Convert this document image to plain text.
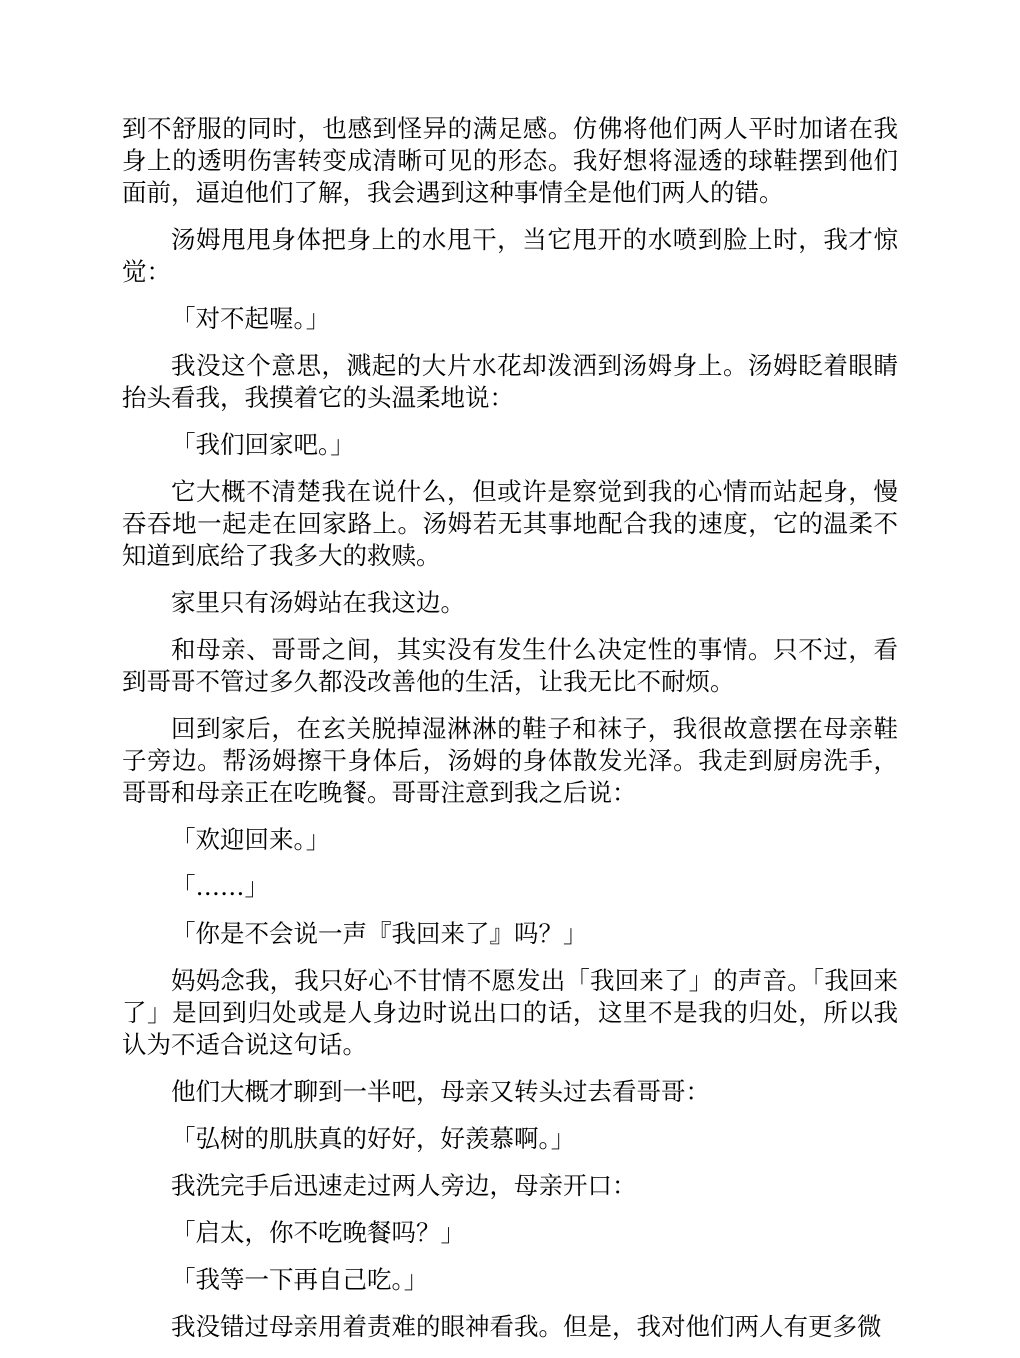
到不舒服的同时，也感到怪异的满足感。仿佛将他们两人平时加诸在我身上的透明伤害转变成清晰可见的形态。我好想将湿透的球鞋摆到他们面前，逼迫他们了解，我会遇到这种事情全是他们两人的错。

汤姆甩甩身体把身上的水甩干，当它甩开的水喷到脸上时，我才惊觉：

「对不起喔。」

我没这个意思，溅起的大片水花却泼洒到汤姆身上。汤姆眨着眼睛抬头看我，我摸着它的头温柔地说：

「我们回家吧。」

它大概不清楚我在说什么，但或许是察觉到我的心情而站起身，慢吞吞地一起走在回家路上。汤姆若无其事地配合我的速度，它的温柔不知道到底给了我多大的救赎。

家里只有汤姆站在我这边。

和母亲、哥哥之间，其实没有发生什么决定性的事情。只不过，看到哥哥不管过多久都没改善他的生活，让我无比不耐烦。

回到家后，在玄关脱掉湿淋淋的鞋子和袜子，我很故意摆在母亲鞋子旁边。帮汤姆擦干身体后，汤姆的身体散发光泽。我走到厨房洗手，哥哥和母亲正在吃晚餐。哥哥注意到我之后说：

「欢迎回来。」

「……」

「你是不会说一声『我回来了』吗？」

妈妈念我，我只好心不甘情不愿发出「我回来了」的声音。「我回来了」是回到归处或是人身边时说出口的话，这里不是我的归处，所以我认为不适合说这句话。

他们大概才聊到一半吧，母亲又转头过去看哥哥：

「弘树的肌肤真的好好，好羡慕啊。」

我洗完手后迅速走过两人旁边，母亲开口：

「启太，你不吃晚餐吗？」

「我等一下再自己吃。」

我没错过母亲用着责难的眼神看我。但是，我对他们两人有更多微
